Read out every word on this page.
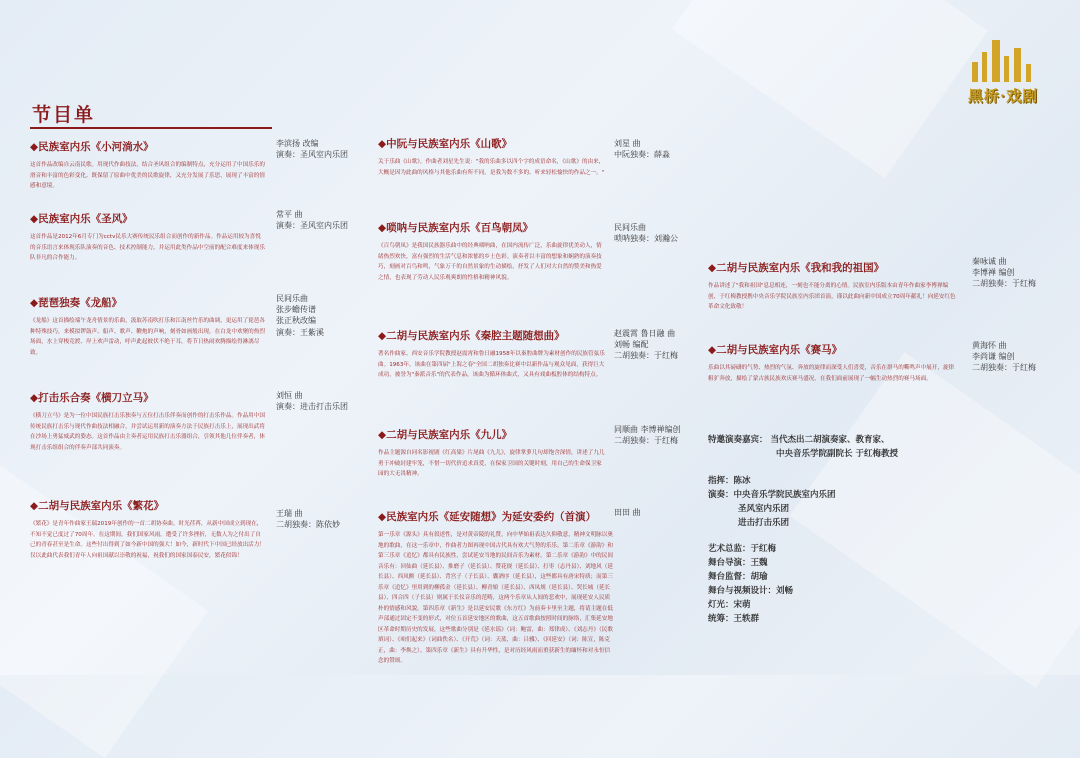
黑桥·戏剧
节目单

◆民族室内乐《小河淌水》

这首作品改编自云南民歌。用现代作曲技法，结合圣风组合的编制特点，充分运用了中国乐乐的滑音和丰富的色彩变化。既保留了原曲中优美的民歌旋律，又充分发展了乐思，展现了丰富的情感和意境。

◆民族室内乐《圣风》

这首作品是2012年6月专门为cctv民乐大赛传统民乐组合而创作的新作品。作品运用较为喜悦的音乐语言来体现乐队演奏的音色、技术控制能力，并运用此类作品中空前的配合难度来体现乐队非凡的合作能力。

◆琵琶独奏《龙船》

《龙船》这首描绘端午龙舟情景的乐曲，汲取苏南吹打乐和江南丝竹乐的曲调，更运用了琵琶各种特殊技巧，来模拟锣鼓声、船声、歌声、鞭炮的声响，刻骨如画般出现。在白龙中欢聚的热烈场面，水上穿梭竞渡、岸上欢声雷动，呼声此起彼伏不绝于耳，将节日热闹欢腾描绘得淋漓尽致。

◆打击乐合奏《横刀立马》

《横刀立马》是为一位中国民族打击乐独奏与五位打击乐伴奏而创作的打击乐作品。作品用中国传统民族打击乐与现代作曲技法相融合，并尝试运用新的演奏方法于民族打击乐上，展现出武将在沙场上勇猛威武的姿态。这首作品由主奏者运用民族打击乐器组合，引领其他几位伴奏者，体现打击乐组组合的伴奏声部共同演奏。

◆二胡与民族室内乐《繁花》

《繁花》是青年作曲家王瑞2019年创作的一首二胡协奏曲。时光荏苒，从新中国成立到现在，不知不觉已度过了70周年。在这期间，我们国家风雨，遭受了许多挫折，无数人为之付出了自己的青春甚至是生命。这些付出得到了如今新中国的强大！如今，新时代下中国已经放出活力！仅以此曲代表我们青年人向祖国献以崇敬的祝福，祝我们的国家国泰民安，繁花似锦！

李滨扬 改编
演奏：圣风室内乐团
常平 曲
演奏：圣风室内乐团
民间乐曲
张步蟾传谱
张正秋改编
演奏：王紫溪
刘恒 曲
演奏：进击打击乐团
王瑞 曲
二胡独奏：陈依妙

◆中阮与民族室内乐《山歌》

关于乐曲《山歌》，作曲者刘星先生说："我的乐曲多以四个字的成语命名，《山歌》的由来，大概是因为此曲的风格与其他乐曲有所不同，是我为数不多的、听来轻松愉快的作品之一。"

◆唢呐与民族室内乐《百鸟朝凤》

《百鸟朝凤》是我国民族器乐曲中的经典唢呐曲，在国内流传广泛，乐曲旋律优美动人，情绪热烈欢快，富有强烈的生活气息和浓郁的乡土色彩。演奏者以丰富的想象和娴熟的演奏技巧，刻画对百鸟和鸣，气象万千的自然景象的生动描绘，抒发了人们对大自然的赞美和热爱之情，也表现了劳动人民乐观爽朗的性格和精神风貌。

◆二胡与民族室内乐《秦腔主题随想曲》

著名作曲家、西安音乐学院教授赵震霄和鲁日融1958年以秦腔曲牌为素材创作的民族管弦乐曲。1963年，该曲在第四届"上海之春"全国二胡独奏比赛中以新作品与观众见面，获得巨大成功，被誉为"秦派音乐"的代表作品，该曲为循环体曲式，又具有戏曲板腔体的结构特点。

◆二胡与民族室内乐《九儿》

作品主题源自同名影视剧《红高粱》片尾曲《九儿》，旋律掌萝几句却饱含深情，讲述了九儿勇于冲破封建牢笼，不惜一切代价追求真爱，在保家卫国的关键时刻，用自己的生命保卫家园的大无畏精神。

◆民族室内乐《延安随想》为延安委约（首演）

第一乐章《源头》具有叙述性，是对黄帝陵的礼赞，向中华始祖表达久仰敬意，精神文明脉以奥地的歌曲，在这一乐章中，作曲者力图再现中国古代具有欢大气势的乐乐。第二乐章《游韵》和第三乐章《追忆》都具有民族性，尝试延安当地的民间音乐为素材。第二乐章《游韵》中的民间音乐有：回仙曲（延长县）、推磨子（延长县）、赞花规（延长县）、打枣（志丹县）、刘地风（延长县）、西凤额（延长县）、背宫子（子长县）、囊酒序（延长县），这些都具有唐宋特质；而第三乐章《追忆》里用到的柳孤金（延长县）、柳青娘（延长县）、西凤规（延长县）、哭长城（延长县）、四合四（子长县）则属于长仪音乐的范畴，这两个乐章从人间的悲欢中，展现延安人民质朴的情感和风貌。第四乐章《新生》是以延安民歌《东方红》为前奏卡里至主题，将请主题在低声部通过固定不变的形式，对位五首延安地区的歌曲，这五首歌曲按照时间的脉络，汇集延安地区革命时期历史的发展，这些歌曲分别是《延水谣》（词：鲍雷，曲：郑律成）、《刘志丹》（民歌填词）、《咱们起来》（词曲佚名）、《开荒》（词：天蓝，曲：吕骥）、《回延安》（词：陈宣，陈克正，曲：李焕之）。第四乐章《新生》具有升华性，是对历经风雨而重获新生的缅怀和对永恒信念的赞颂。

刘星 曲
中阮独奏：薛淼
民间乐曲
唢呐独奏：刘瀚公
赵震霄 鲁日融 曲
刘畅 编配
二胡独奏：于红梅
同顺曲 李博禅编创
二胡独奏：于红梅
田田 曲

◆二胡与民族室内乐《我和我的祖国》

作品讲述了"我和祖国"息息相连，一刻也不能分离的心情。民族室内乐版本由青年作曲家李博禅编创，于红梅教授携中央音乐学院民族室内乐团首演，谨以此曲向新中国成立70周年献礼！向延安红色革命文化致敬！

◆二胡与民族室内乐《赛马》

乐曲以其磅礴的气势、热烈的气氛、奔放的旋律而深受人们喜爱，音乐在群马的嘶鸣声中展开，旋律粗犷奔放，描绘了蒙古族民族欢庆赛马盛况，在我们面前展现了一幅生动热烈的赛马场面。

秦咏诚 曲
李博禅 编创
二胡独奏：于红梅
黄海怀 曲
李尚谦 编创
二胡独奏：于红梅
特邀演奏嘉宾： 当代杰出二胡演奏家、教育家、
中央音乐学院副院长 于红梅教授
指挥：陈冰
演奏：中央音乐学院民族室内乐团
圣风室内乐团
进击打击乐团
艺术总监：于红梅
舞台导演：王魏
舞台监督：胡瑜
舞台与视频设计：刘畅
灯光：宋萌
统筹：王轶群
